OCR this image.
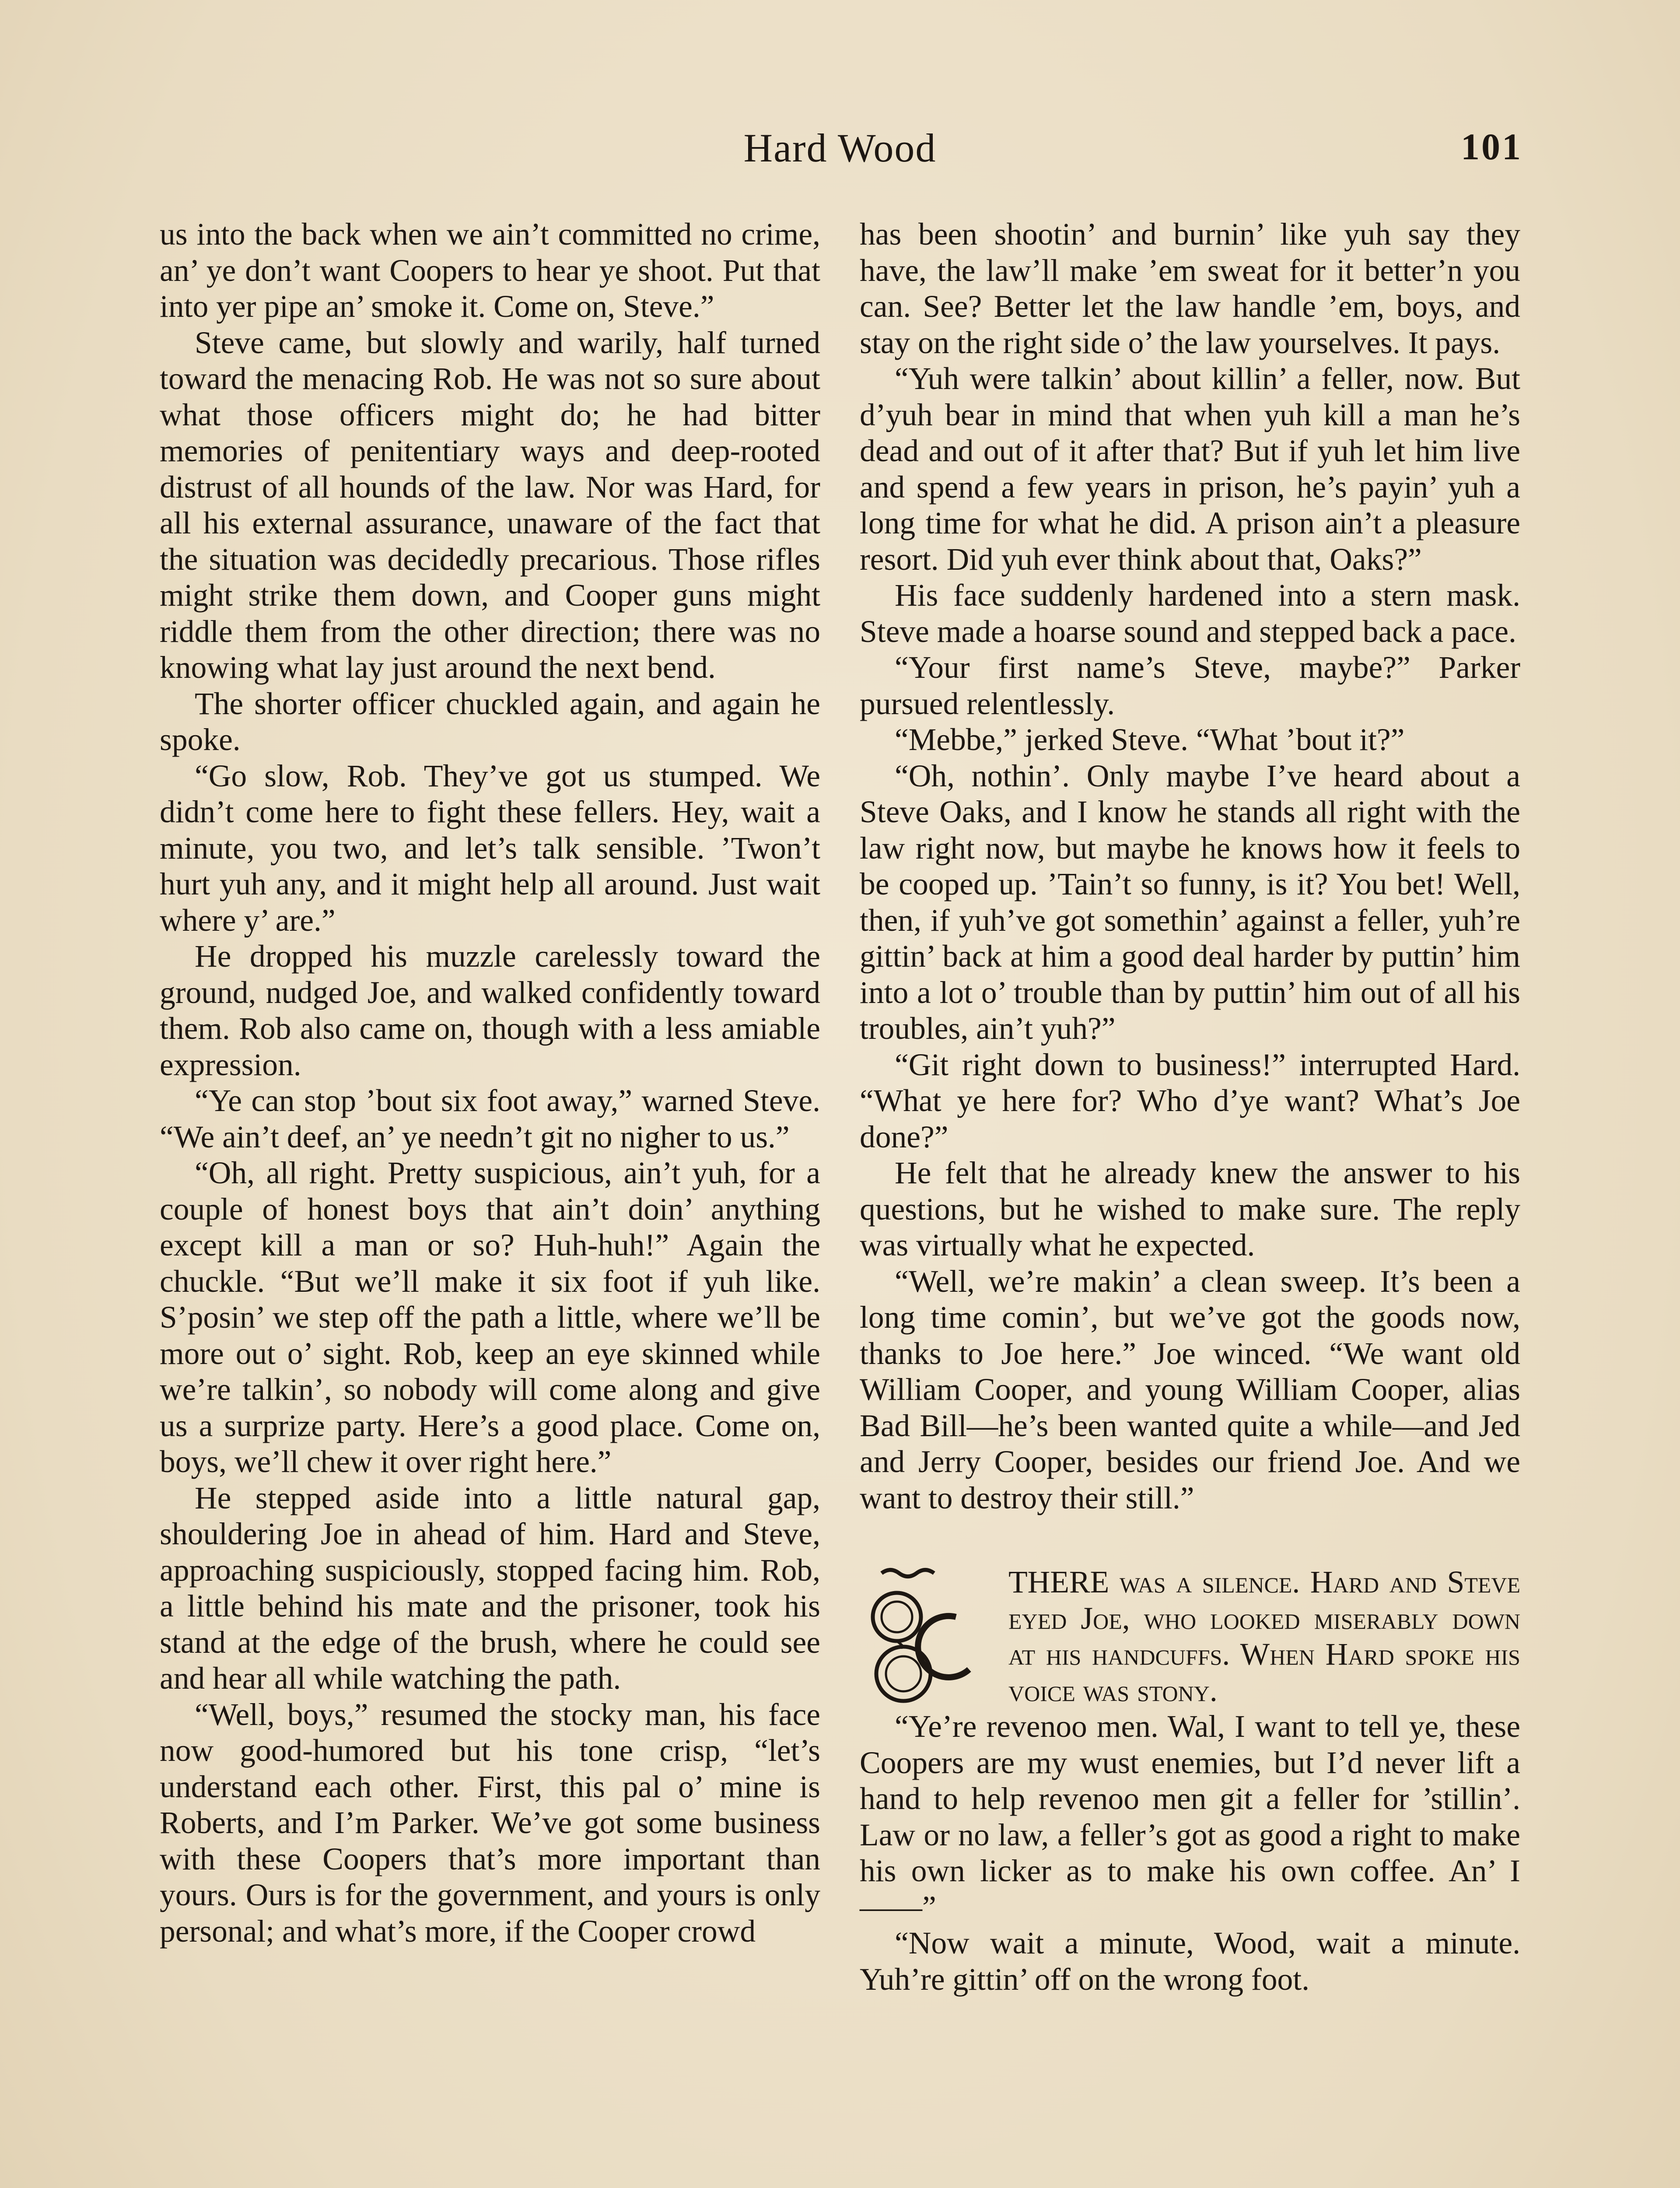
Hard Wood	101

us into the back when we ain’t committed no crime, an’ ye don’t want Coopers to hear ye shoot. Put that into yer pipe an’ smoke it. Come on, Steve.”

Steve came, but slowly and warily, half turned toward the menacing Rob. He was not so sure about what those officers might do; he had bitter memories of penitentiary ways and deep-rooted distrust of all hounds of the law. Nor was Hard, for all his external assurance, unaware of the fact that the situation was decidedly precarious. Those rifles might strike them down, and Cooper guns might riddle them from the other direction; there was no knowing what lay just around the next bend.

The shorter officer chuckled again, and again he spoke.

“Go slow, Rob. They’ve got us stumped. We didn’t come here to fight these fellers. Hey, wait a minute, you two, and let’s talk sensible. ’Twon’t hurt yuh any, and it might help all around. Just wait where y’ are.”

He dropped his muzzle carelessly toward the ground, nudged Joe, and walked confidently toward them. Rob also came on, though with a less amiable expression.

“Ye can stop ’bout six foot away,” warned Steve. “We ain’t deef, an’ ye needn’t git no nigher to us.”

“Oh, all right. Pretty suspicious, ain’t yuh, for a couple of honest boys that ain’t doin’ anything except kill a man or so? Huh-huh!” Again the chuckle. “But we’ll make it six foot if yuh like. S’posin’ we step off the path a little, where we’ll be more out o’ sight. Rob, keep an eye skinned while we’re talkin’, so nobody will come along and give us a surprize party. Here’s a good place. Come on, boys, we’ll chew it over right here.”

He stepped aside into a little natural gap, shouldering Joe in ahead of him. Hard and Steve, approaching suspiciously, stopped facing him. Rob, a little behind his mate and the prisoner, took his stand at the edge of the brush, where he could see and hear all while watching the path.

“Well, boys,” resumed the stocky man, his face now good-humored but his tone crisp, “let’s understand each other. First, this pal o’ mine is Roberts, and I’m Parker. We’ve got some business with these Coopers that’s more important than yours. Ours is for the government, and yours is only personal; and what’s more, if the Cooper crowd

has been shootin’ and burnin’ like yuh say they have, the law’ll make ’em sweat for it better’n you can. See? Better let the law handle ’em, boys, and stay on the right side o’ the law yourselves. It pays.

“Yuh were talkin’ about killin’ a feller, now. But d’yuh bear in mind that when yuh kill a man he’s dead and out of it after that? But if yuh let him live and spend a few years in prison, he’s payin’ yuh a long time for what he did. A prison ain’t a pleasure resort. Did yuh ever think about that, Oaks?”

His face suddenly hardened into a stern mask. Steve made a hoarse sound and stepped back a pace.

“Your first name’s Steve, maybe?” Parker pursued relentlessly.

“Mebbe,” jerked Steve. “What ’bout it?”

“Oh, nothin’. Only maybe I’ve heard about a Steve Oaks, and I know he stands all right with the law right now, but maybe he knows how it feels to be cooped up. ’Tain’t so funny, is it? You bet! Well, then, if yuh’ve got somethin’ against a feller, yuh’re gittin’ back at him a good deal harder by puttin’ him into a lot o’ trouble than by puttin’ him out of all his troubles, ain’t yuh?”

“Git right down to business!” interrupted Hard. “What ye here for? Who d’ye want? What’s Joe done?”

He felt that he already knew the answer to his questions, but he wished to make sure. The reply was virtually what he expected.

“Well, we’re makin’ a clean sweep. It’s been a long time comin’, but we’ve got the goods now, thanks to Joe here.” Joe winced. “We want old William Cooper, and young William Cooper, alias Bad Bill—he’s been wanted quite a while—and Jed and Jerry Cooper, besides our friend Joe. And we want to destroy their still.”

THERE was a silence. Hard and Steve eyed Joe, who looked miserably down at his handcuffs. When Hard spoke his voice was stony.

“Ye’re revenoo men. Wal, I want to tell ye, these Coopers are my wust enemies, but I’d never lift a hand to help revenoo men git a feller for ’stillin’. Law or no law, a feller’s got as good a right to make his own licker as to make his own coffee. An’ I——”

“Now wait a minute, Wood, wait a minute. Yuh’re gittin’ off on the wrong foot.
